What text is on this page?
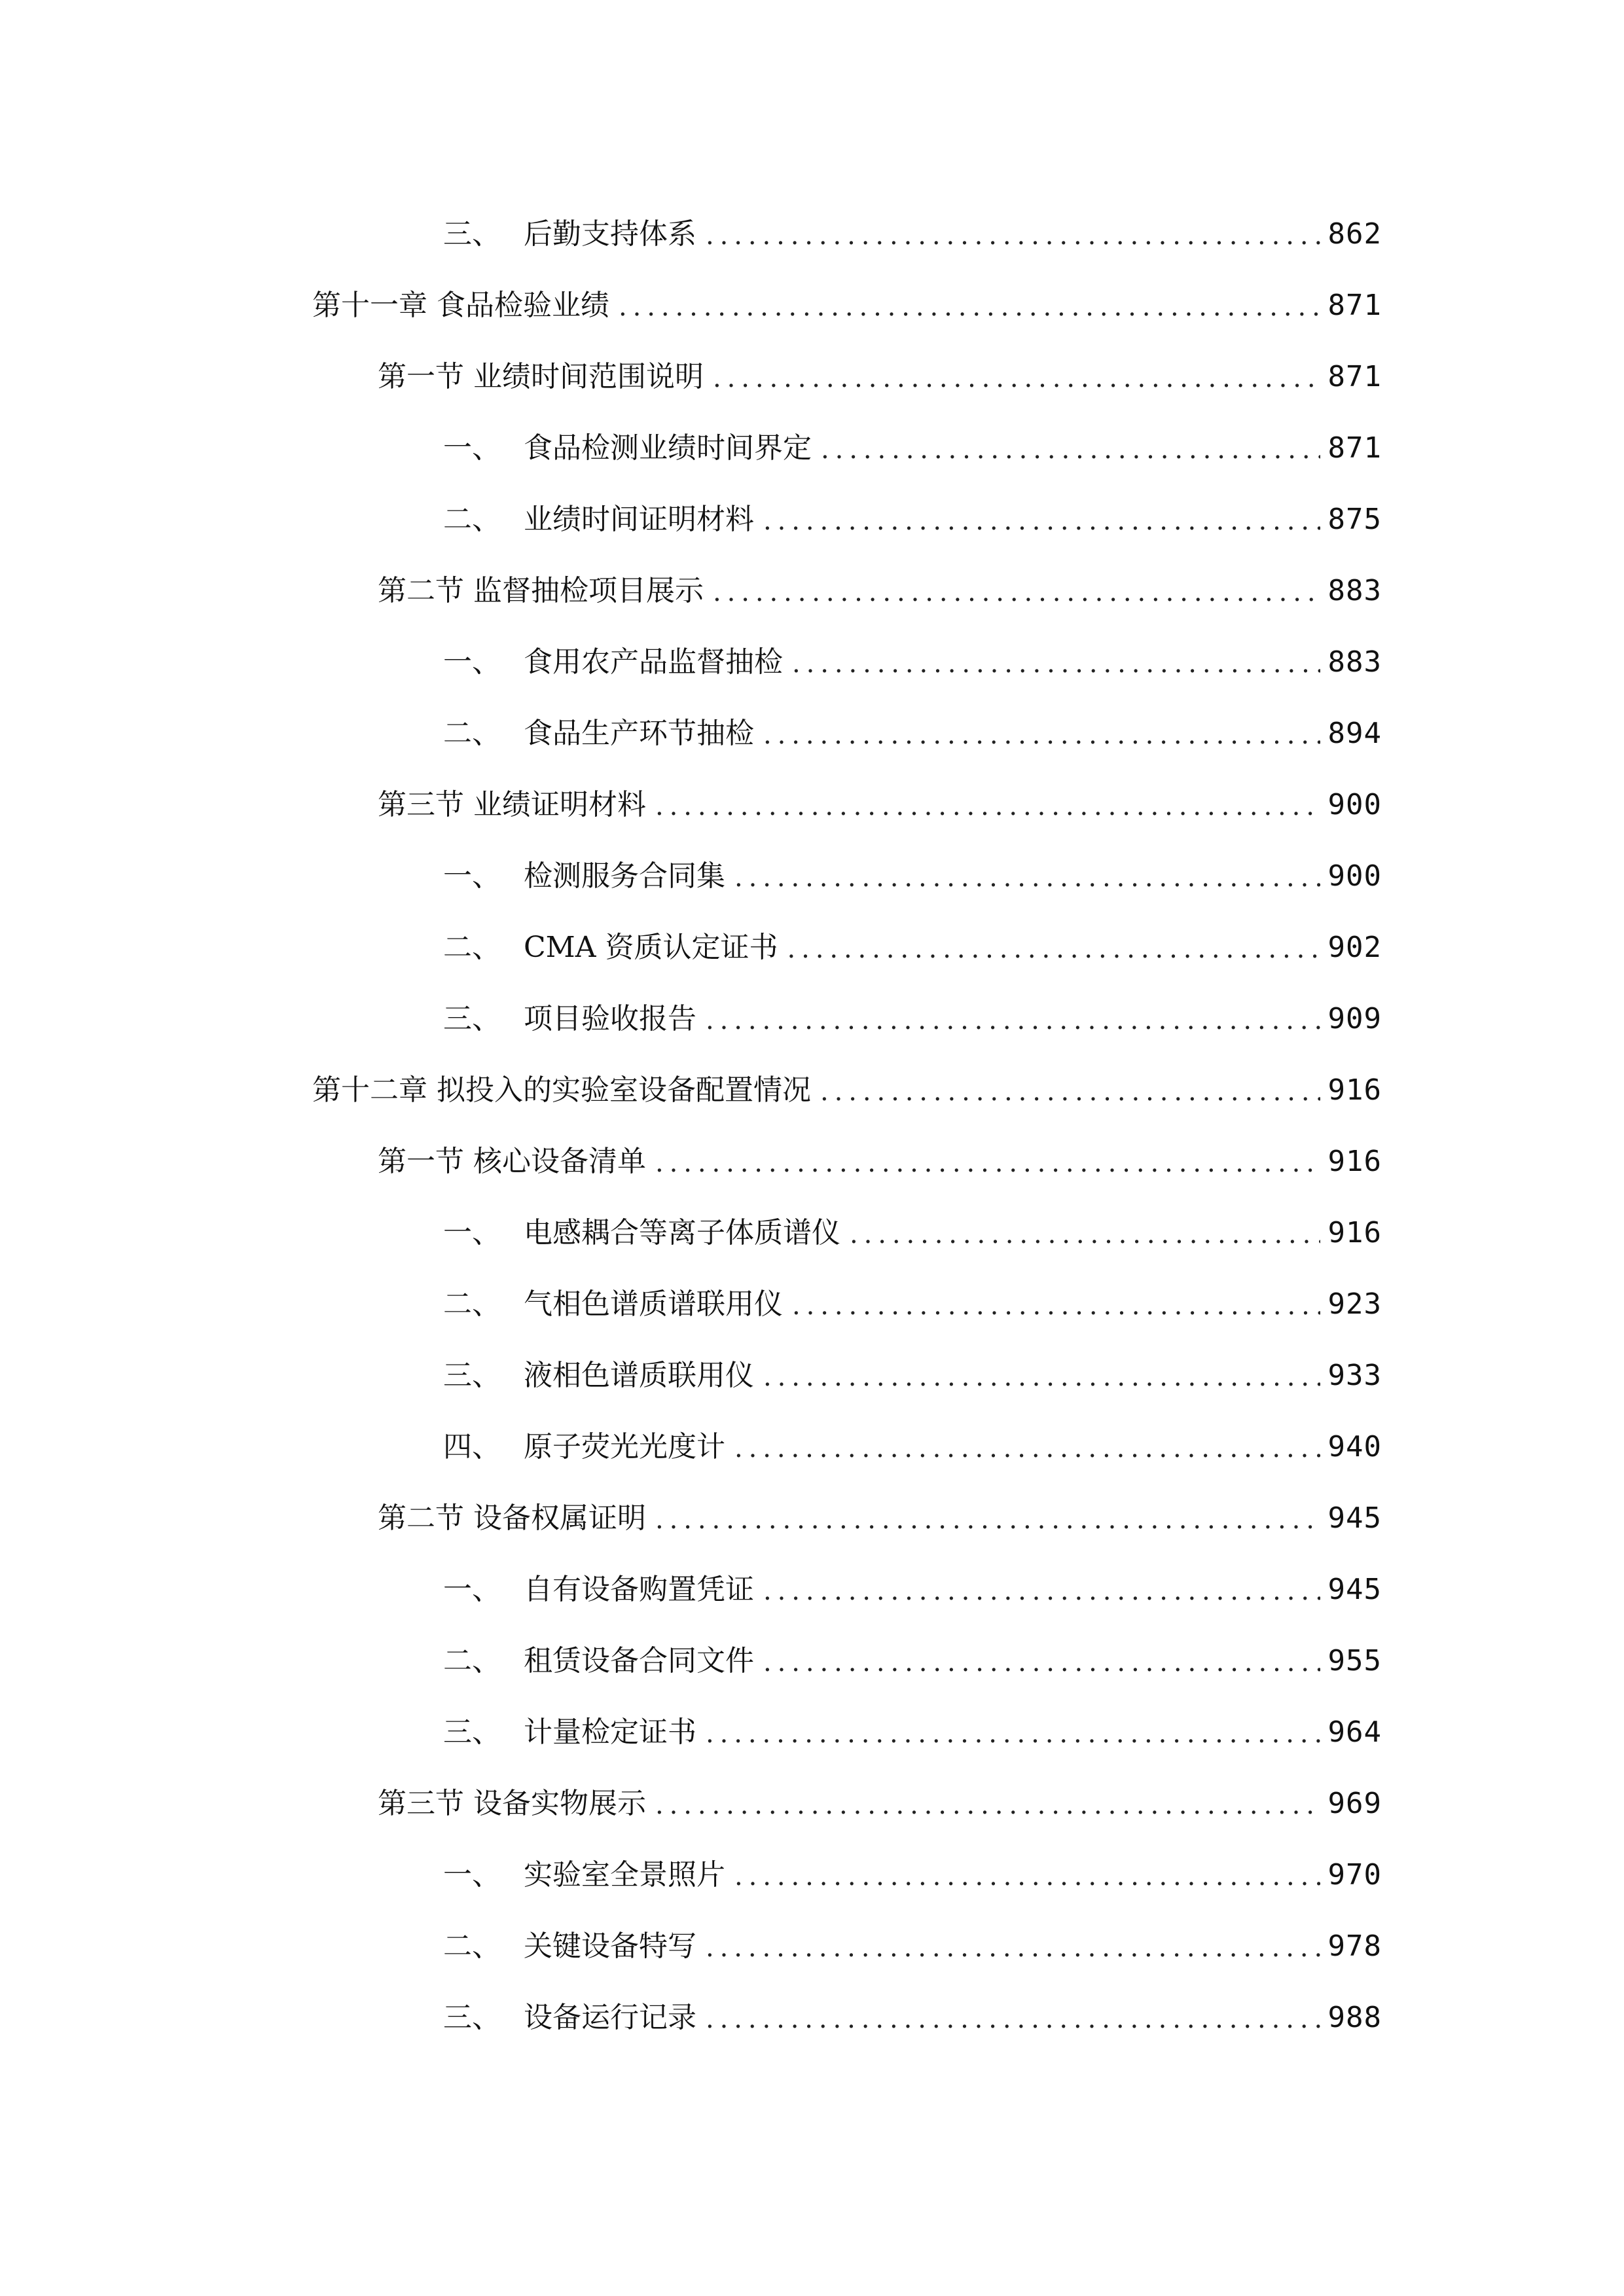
三、 后勤支持体系 .....	862
第十一章 食品检验业绩 .....	871
第一节 业绩时间范围说明 .....	871
一、 食品检测业绩时间界定 .....	871
二、 业绩时间证明材料 .....	875
第二节 监督抽检项目展示 .....	883
一、 食用农产品监督抽检 .....	883
二、 食品生产环节抽检 .....	894
第三节 业绩证明材料 .....	900
一、 检测服务合同集 .....	900
二、 CMA 资质认定证书 .....	902
三、 项目验收报告 .....	909
第十二章 拟投入的实验室设备配置情况 .....	916
第一节 核心设备清单 .....	916
一、 电感耦合等离子体质谱仪 .....	916
二、 气相色谱质谱联用仪 .....	923
三、 液相色谱质联用仪 .....	933
四、 原子荧光光度计 .....	940
第二节 设备权属证明 .....	945
一、 自有设备购置凭证 .....	945
二、 租赁设备合同文件 .....	955
三、 计量检定证书 .....	964
第三节 设备实物展示 .....	969
一、 实验室全景照片 .....	970
二、 关键设备特写 .....	978
三、 设备运行记录 .....	988
